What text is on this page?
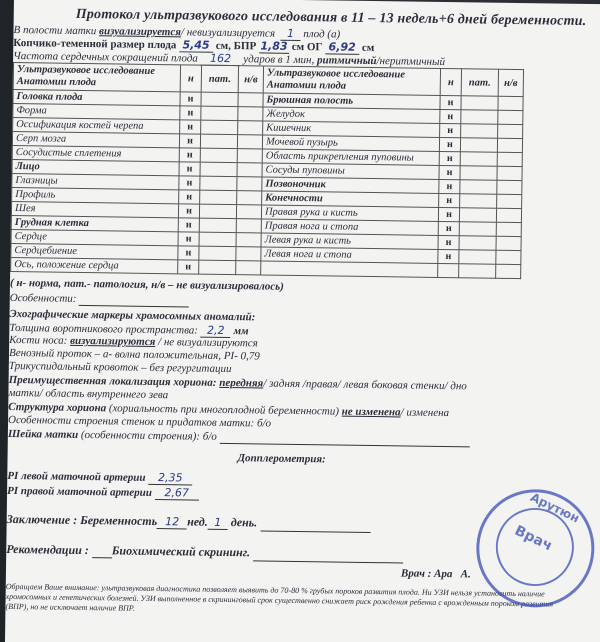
Протокол ультразвукового исследования в 11 – 13 недель+6 дней беременности.
В полости матки визуализируется/ невизуализируется 1 плод (а)
Копчико-теменной размер плода 5,45 см, БПР 1,83 см ОГ 6,92 см
Частота сердечных сокращений плода 162 ударов в 1 мин, ритмичный/неритмичный
Ультразвуковое исследование Анатомии плода	н	пат.	н/в	Ультразвуковое исследование Анатомии плода	н	пат.	н/в
Головка плода	н			Брюшная полость	н		
Форма	н			Желудок	н		
Оссификация костей черепа	н			Кишечник	н		
Серп мозга	н			Мочевой пузырь	н		
Сосудистые сплетения	н			Область прикрепления пуповины	н		
Лицо	н			Сосуды пуповины	н		
Глазницы	н			Позвоночник	н		
Профиль	н			Конечности	н		
Шея	н			Правая рука и кисть	н		
Грудная клетка	н			Правая нога и стопа	н		
Сердце	н			Левая рука и кисть	н		
Сердцебиение	н			Левая нога и стопа	н		
Ось, положение сердца	н						
( н- норма, пат.- патология, н/в – не визуализировалось)
Особенности:
Эхографические маркеры хромосомных аномалий:
Толщина воротникового пространства: 2,2 мм
Кости носа: визуализируются / не визуализируются
Венозный проток – а- волна положительная, PI- 0,79
Трикуспидальный кровоток – без регургитации
Преимущественная локализация хориона: передняя/ задняя /правая/ левая боковая стенки/ дно
матки/ область внутреннего зева
Структура хориона (хориальность при многоплодной беременности) не изменена/ изменена
Особенности строения стенок и придатков матки: б/о
Шейка матки (особенности строения): б/о
Допплерометрия:
PI левой маточной артерии 2,35
PI правой маточной артерии 2,67
Заключение : Беременность 12 нед. 1 день.
Рекомендации : Биохимический скрининг.
Врач : Ара А.
Обращаем Ваше внимание: ультразвуковая диагностика позволяет выявить до 70-80 % грубых пороков развития плода. Ни УЗИ нельзя установить наличие хромосомных и генетических болезней. УЗИ выполненное в скрининговый срок существенно снижает риск рождения ребенка с врожденным пороком развития (ВПР), но не исключает наличие ВПР.
Арутюн
Врач
